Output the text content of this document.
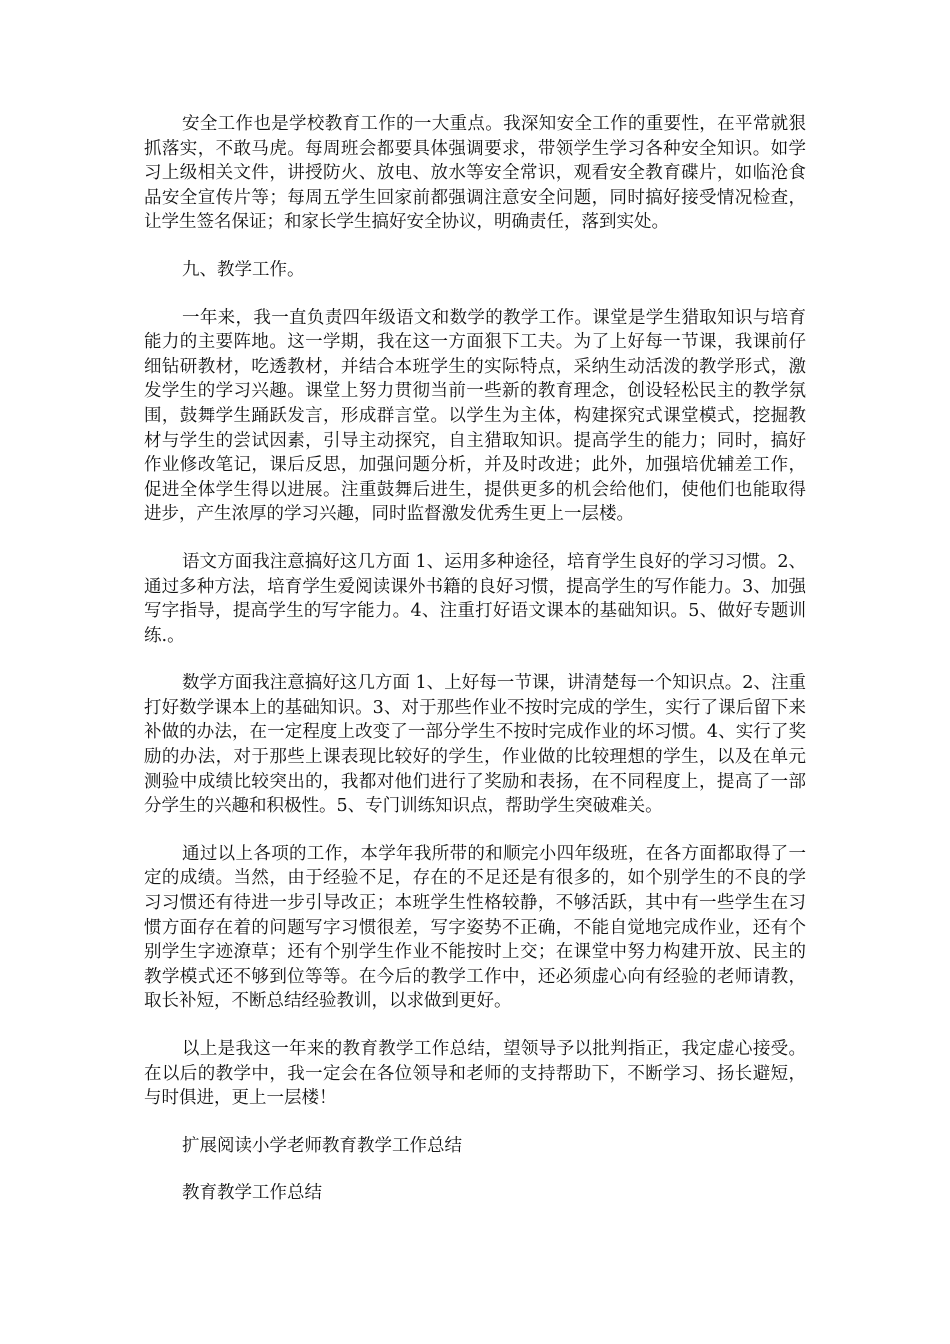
安全工作也是学校教育工作的一大重点。我深知安全工作的重要性，在平常就狠抓落实，不敢马虎。每周班会都要具体强调要求，带领学生学习各种安全知识。如学习上级相关文件，讲授防火、放电、放水等安全常识，观看安全教育碟片，如临沧食品安全宣传片等；每周五学生回家前都强调注意安全问题，同时搞好接受情况检查，让学生签名保证；和家长学生搞好安全协议，明确责任，落到实处。

九、教学工作。

一年来，我一直负责四年级语文和数学的教学工作。课堂是学生猎取知识与培育能力的主要阵地。这一学期，我在这一方面狠下工夫。为了上好每一节课，我课前仔细钻研教材，吃透教材，并结合本班学生的实际特点，采纳生动活泼的教学形式，激发学生的学习兴趣。课堂上努力贯彻当前一些新的教育理念，创设轻松民主的教学氛围，鼓舞学生踊跃发言，形成群言堂。以学生为主体，构建探究式课堂模式，挖掘教材与学生的尝试因素，引导主动探究，自主猎取知识。提高学生的能力；同时，搞好作业修改笔记，课后反思，加强问题分析，并及时改进；此外，加强培优辅差工作，促进全体学生得以进展。注重鼓舞后进生，提供更多的机会给他们，使他们也能取得进步，产生浓厚的学习兴趣，同时监督激发优秀生更上一层楼。

语文方面我注意搞好这几方面 1、运用多种途径，培育学生良好的学习习惯。2、通过多种方法，培育学生爱阅读课外书籍的良好习惯，提高学生的写作能力。3、加强写字指导，提高学生的写字能力。4、注重打好语文课本的基础知识。5、做好专题训练.。

数学方面我注意搞好这几方面 1、上好每一节课，讲清楚每一个知识点。2、注重打好数学课本上的基础知识。3、对于那些作业不按时完成的学生，实行了课后留下来补做的办法，在一定程度上改变了一部分学生不按时完成作业的坏习惯。4、实行了奖励的办法，对于那些上课表现比较好的学生，作业做的比较理想的学生，以及在单元测验中成绩比较突出的，我都对他们进行了奖励和表扬，在不同程度上，提高了一部分学生的兴趣和积极性。5、专门训练知识点，帮助学生突破难关。

通过以上各项的工作，本学年我所带的和顺完小四年级班，在各方面都取得了一定的成绩。当然，由于经验不足，存在的不足还是有很多的，如个别学生的不良的学习习惯还有待进一步引导改正；本班学生性格较静，不够活跃，其中有一些学生在习惯方面存在着的问题写字习惯很差，写字姿势不正确，不能自觉地完成作业，还有个别学生字迹潦草；还有个别学生作业不能按时上交；在课堂中努力构建开放、民主的教学模式还不够到位等等。在今后的教学工作中，还必须虚心向有经验的老师请教，取长补短，不断总结经验教训，以求做到更好。

以上是我这一年来的教育教学工作总结，望领导予以批判指正，我定虚心接受。在以后的教学中，我一定会在各位领导和老师的支持帮助下，不断学习、扬长避短，与时俱进，更上一层楼！

扩展阅读小学老师教育教学工作总结

教育教学工作总结
